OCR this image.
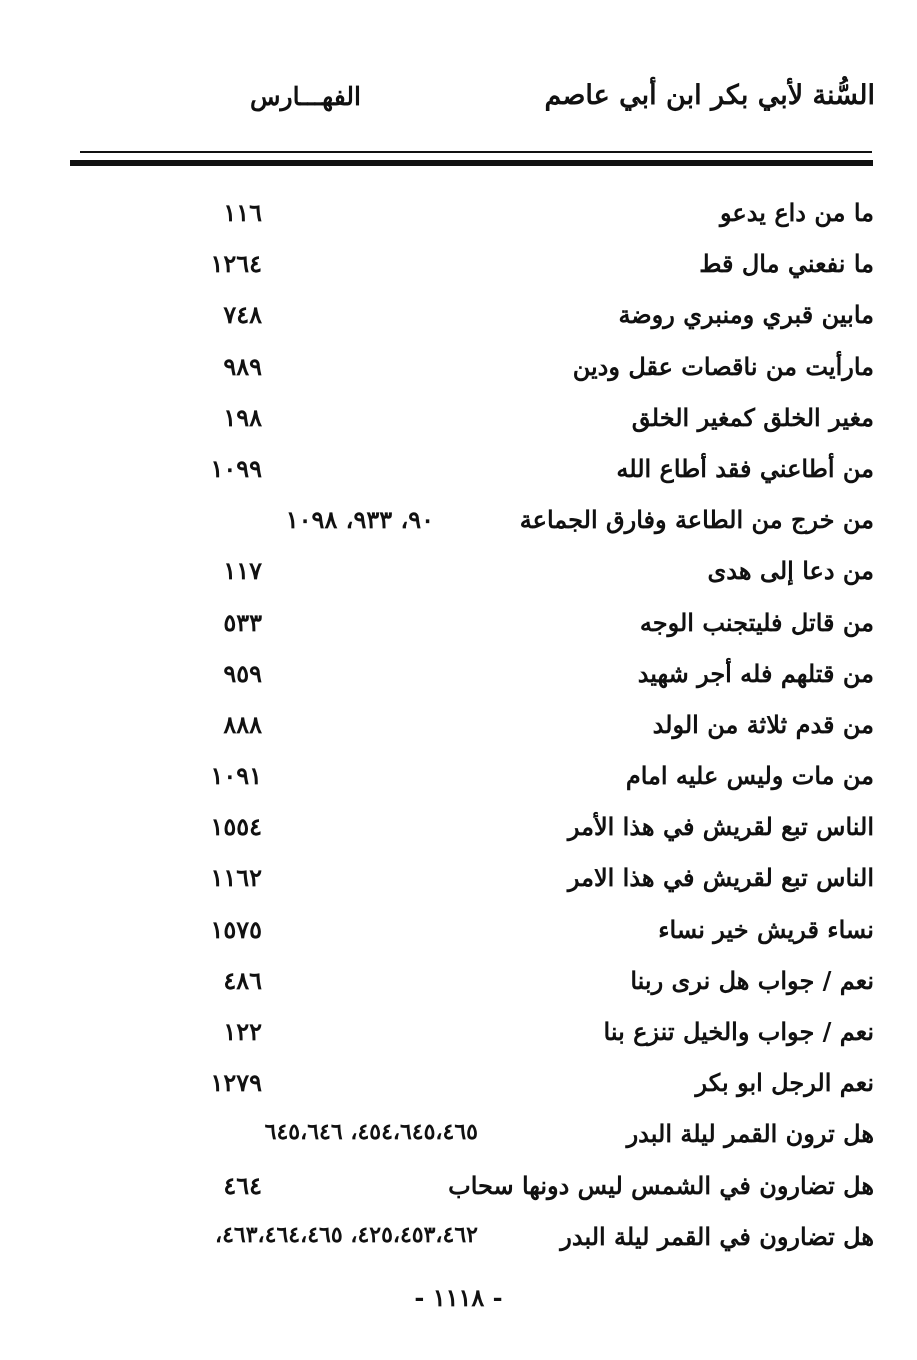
السُّنة لأبي بكر ابن أبي عاصم
الفهـــارس
ما من داع يدعو
١١٦
ما نفعني مال قط
١٢٦٤
مابين قبري ومنبري روضة
٧٤٨
مارأيت من ناقصات عقل ودين
٩٨٩
مغير الخلق كمغير الخلق
١٩٨
من أطاعني فقد أطاع الله
١٠٩٩
من خرج من الطاعة وفارق الجماعة
٩٠، ٩٣٣، ١٠٩٨
من دعا إلى هدى
١١٧
من قاتل فليتجنب الوجه
٥٣٣
من قتلهم فله أجر شهيد
٩٥٩
من قدم ثلاثة من الولد
٨٨٨
من مات وليس عليه امام
١٠٩١
الناس تبع لقريش في هذا الأمر
١٥٥٤
الناس تبع لقريش في هذا الامر
١١٦٢
نساء قريش خير نساء
١٥٧٥
نعم / جواب هل نرى ربنا
٤٨٦
نعم / جواب والخيل تنزع بنا
١٢٢
نعم الرجل ابو بكر
١٢٧٩
هل ترون القمر ليلة البدر
٤٥٤،٦٤٥،٤٦٥، ٦٤٥،٦٤٦
هل تضارون في الشمس ليس دونها سحاب
٤٦٤
هل تضارون في القمر ليلة البدر
٤٢٥،٤٥٣،٤٦٢، ٤٦٣،٤٦٤،٤٦٥،
- ١١١٨ -
